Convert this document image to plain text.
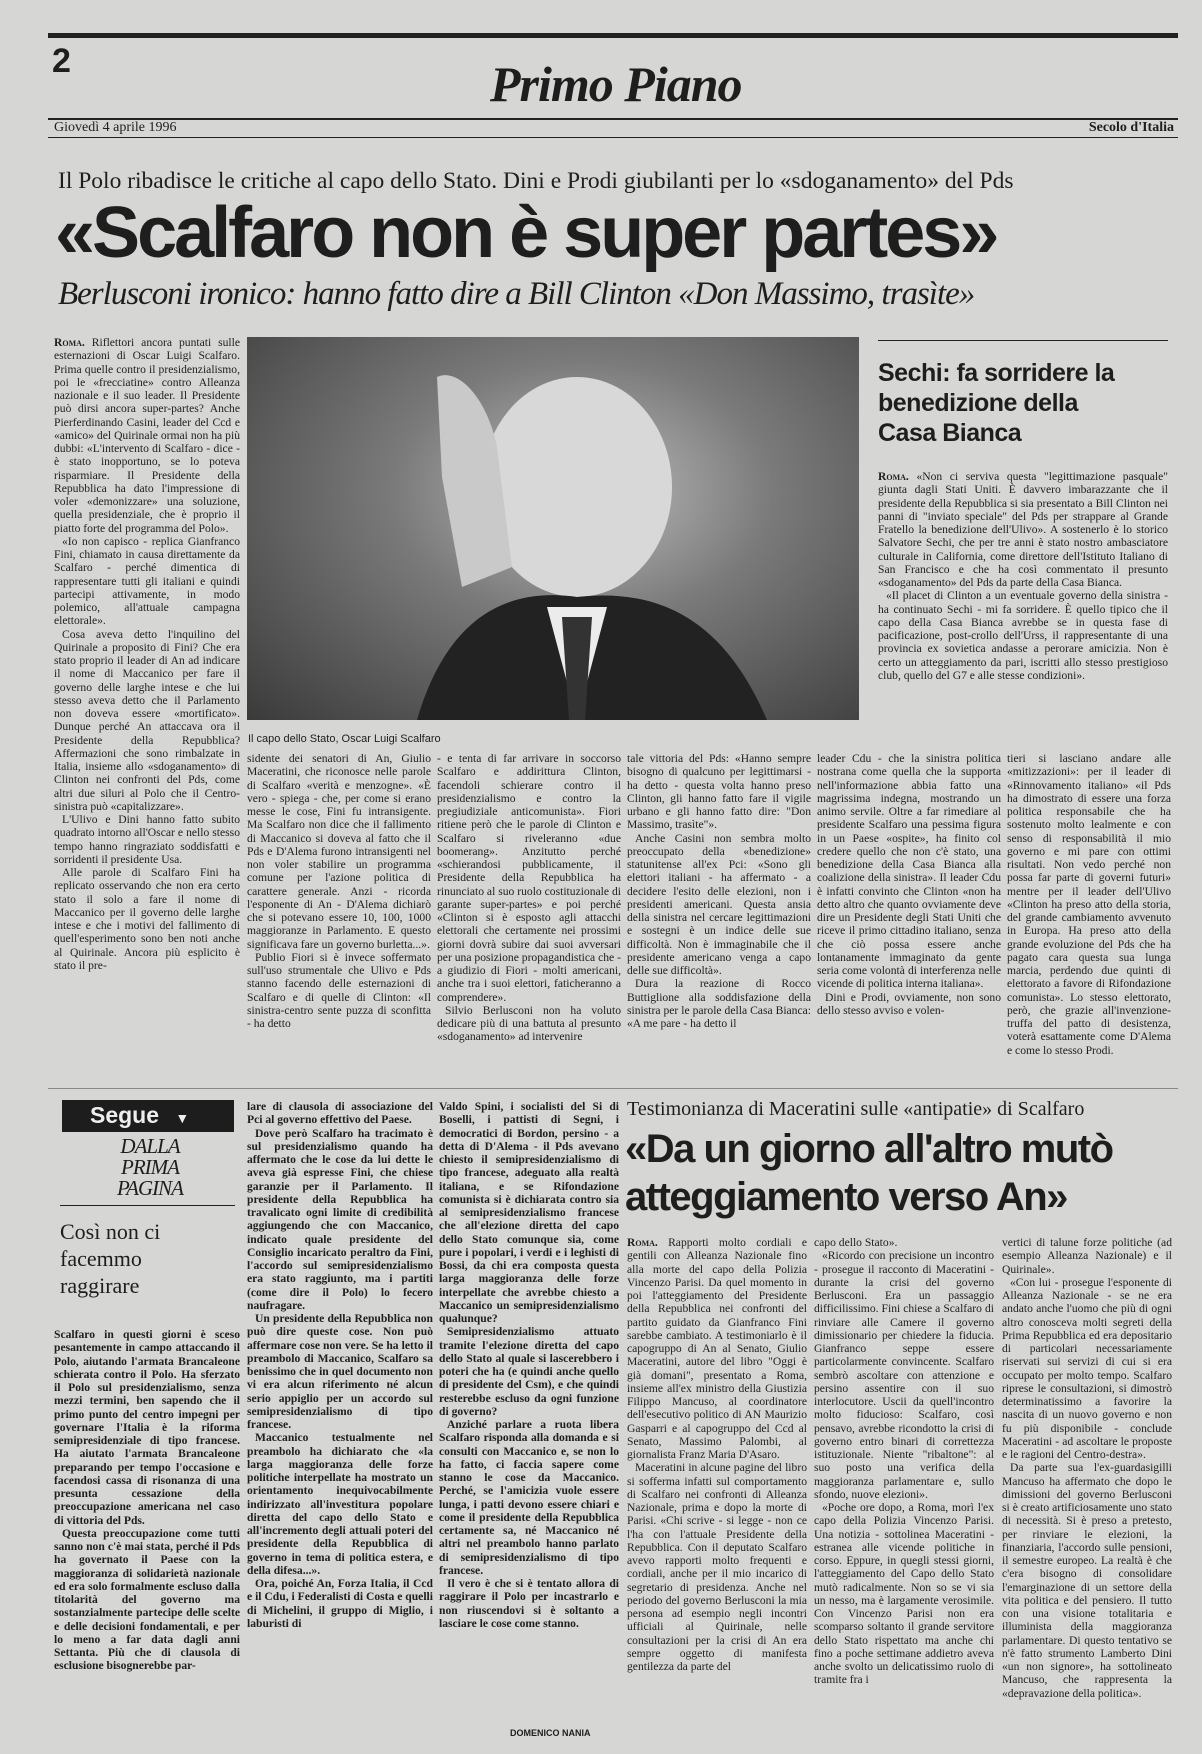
2	Primo Piano
Giovedì 4 aprile 1996	Secolo d'Italia
Il Polo ribadisce le critiche al capo dello Stato. Dini e Prodi giubilanti per lo «sdoganamento» del Pds
«Scalfaro non è super partes»
Berlusconi ironico: hanno fatto dire a Bill Clinton «Don Massimo, trasìte»

Roma. Riflettori ancora puntati sulle esternazioni di Oscar Luigi Scalfaro. Prima quelle contro il presidenzialismo, poi le «frecciatine» contro Alleanza nazionale e il suo leader. Il Presidente può dirsi ancora super-partes? Anche Pierferdinando Casini, leader del Ccd e «amico» del Quirinale ormai non ha più dubbi: «L'intervento di Scalfaro - dice - è stato inopportuno, se lo poteva risparmiare. Il Presidente della Repubblica ha dato l'impressione di voler «demonizzare» una soluzione, quella presidenziale, che è proprio il piatto forte del programma del Polo».

«Io non capisco - replica Gianfranco Fini, chiamato in causa direttamente da Scalfaro - perché dimentica di rappresentare tutti gli italiani e quindi partecipi attivamente, in modo polemico, all'attuale campagna elettorale».

Cosa aveva detto l'inquilino del Quirinale a proposito di Fini? Che era stato proprio il leader di An ad indicare il nome di Maccanico per fare il governo delle larghe intese e che lui stesso aveva detto che il Parlamento non doveva essere «mortificato». Dunque perché An attaccava ora il Presidente della Repubblica? Affermazioni che sono rimbalzate in Italia, insieme allo «sdoganamento» di Clinton nei confronti del Pds, come altri due siluri al Polo che il Centro-sinistra può «capitalizzare».

L'Ulivo e Dini hanno fatto subito quadrato intorno all'Oscar e nello stesso tempo hanno ringraziato soddisfatti e sorridenti il presidente Usa.

Alle parole di Scalfaro Fini ha replicato osservando che non era certo stato il solo a fare il nome di Maccanico per il governo delle larghe intese e che i motivi del fallimento di quell'esperimento sono ben noti anche al Quirinale. Ancora più esplicito è stato il pre-

Il capo dello Stato, Oscar Luigi Scalfaro
Sechi: fa sorridere la benedizione della Casa Bianca

Roma. «Non ci serviva questa "legittimazione pasquale" giunta dagli Stati Uniti. È davvero imbarazzante che il presidente della Repubblica si sia presentato a Bill Clinton nei panni di "inviato speciale" del Pds per strappare al Grande Fratello la benedizione dell'Ulivo». A sostenerlo è lo storico Salvatore Sechi, che per tre anni è stato nostro ambasciatore culturale in California, come direttore dell'Istituto Italiano di San Francisco e che ha così commentato il presunto «sdoganamento» del Pds da parte della Casa Bianca.

«Il placet di Clinton a un eventuale governo della sinistra - ha continuato Sechi - mi fa sorridere. È quello tipico che il capo della Casa Bianca avrebbe se in questa fase di pacificazione, post-crollo dell'Urss, il rappresentante di una provincia ex sovietica andasse a perorare amicizia. Non è certo un atteggiamento da pari, iscritti allo stesso prestigioso club, quello del G7 e alle stesse condizioni».

sidente dei senatori di An, Giulio Maceratini, che riconosce nelle parole di Scalfaro «verità e menzogne». «È vero - spiega - che, per come si erano messe le cose, Fini fu intransigente. Ma Scalfaro non dice che il fallimento di Maccanico si doveva al fatto che il Pds e D'Alema furono intransigenti nel non voler stabilire un programma comune per l'azione politica di carattere generale. Anzi - ricorda l'esponente di An - D'Alema dichiarò che si potevano essere 10, 100, 1000 maggioranze in Parlamento. E questo significava fare un governo burletta...».

Publio Fiori si è invece soffermato sull'uso strumentale che Ulivo e Pds stanno facendo delle esternazioni di Scalfaro e di quelle di Clinton: «Il sinistra-centro sente puzza di sconfitta - ha detto

- e tenta di far arrivare in soccorso Scalfaro e addirittura Clinton, facendoli schierare contro il presidenzialismo e contro la pregiudiziale anticomunista». Fiori ritiene però che le parole di Clinton e Scalfaro si riveleranno «due boomerang». Anzitutto perché «schierandosi pubblicamente, il Presidente della Repubblica ha rinunciato al suo ruolo costituzionale di garante super-partes» e poi perché «Clinton si è esposto agli attacchi elettorali che certamente nei prossimi giorni dovrà subire dai suoi avversari per una posizione propagandistica che - a giudizio di Fiori - molti americani, anche tra i suoi elettori, faticheranno a comprendere».

Silvio Berlusconi non ha voluto dedicare più di una battuta al presunto «sdoganamento» ad intervenire

tale vittoria del Pds: «Hanno sempre bisogno di qualcuno per legittimarsi - ha detto - questa volta hanno preso Clinton, gli hanno fatto fare il vigile urbano e gli hanno fatto dire: "Don Massimo, trasìte"».

Anche Casini non sembra molto preoccupato della «benedizione» statunitense all'ex Pci: «Sono gli elettori italiani - ha affermato - a decidere l'esito delle elezioni, non i presidenti americani. Questa ansia della sinistra nel cercare legittimazioni e sostegni è un indice delle sue difficoltà. Non è immaginabile che il presidente americano venga a capo delle sue difficoltà».

Dura la reazione di Rocco Buttiglione alla soddisfazione della sinistra per le parole della Casa Bianca: «A me pare - ha detto il

leader Cdu - che la sinistra politica nostrana come quella che la supporta nell'informazione abbia fatto una magrissima indegna, mostrando un animo servile. Oltre a far rimediare al presidente Scalfaro una pessima figura in un Paese «ospite», ha finito col credere quello che non c'è stato, una benedizione della Casa Bianca alla coalizione della sinistra». Il leader Cdu è infatti convinto che Clinton «non ha detto altro che quanto ovviamente deve dire un Presidente degli Stati Uniti che riceve il primo cittadino italiano, senza che ciò possa essere anche lontanamente immaginato da gente seria come volontà di interferenza nelle vicende di politica interna italiana».

Dini e Prodi, ovviamente, non sono dello stesso avviso e volen-

tieri si lasciano andare alle «mitizzazioni»: per il leader di «Rinnovamento italiano» «il Pds ha dimostrato di essere una forza politica responsabile che ha sostenuto molto lealmente e con senso di responsabilità il mio governo e mi pare con ottimi risultati. Non vedo perché non possa far parte di governi futuri» mentre per il leader dell'Ulivo «Clinton ha preso atto della storia, del grande cambiamento avvenuto in Europa. Ha preso atto della grande evoluzione del Pds che ha pagato cara questa sua lunga marcia, perdendo due quinti di elettorato a favore di Rifondazione comunista». Lo stesso elettorato, però, che grazie all'invenzione-truffa del patto di desistenza, voterà esattamente come D'Alema e come lo stesso Prodi.

Segue ▼
DALLA PRIMA PAGINA
Così non ci facemmo raggirare

Scalfaro in questi giorni è sceso pesantemente in campo attaccando il Polo, aiutando l'armata Brancaleone schierata contro il Polo. Ha sferzato il Polo sul presidenzialismo, senza mezzi termini, ben sapendo che il primo punto del centro impegni per governare l'Italia è la riforma semipresidenziale di tipo francese. Ha aiutato l'armata Brancaleone preparando per tempo l'occasione e facendosi cassa di risonanza di una presunta cessazione della preoccupazione americana nel caso di vittoria del Pds.

Questa preoccupazione come tutti sanno non c'è mai stata, perché il Pds ha governato il Paese con la maggioranza di solidarietà nazionale ed era solo formalmente escluso dalla titolarità del governo ma sostanzialmente partecipe delle scelte e delle decisioni fondamentali, e per lo meno a far data dagli anni Settanta. Più che di clausola di esclusione bisognerebbe par-

lare di clausola di associazione del Pci al governo effettivo del Paese.

Dove però Scalfaro ha tracimato è sul presidenzialismo quando ha affermato che le cose da lui dette le aveva già espresse Fini, che chiese garanzie per il Parlamento. Il presidente della Repubblica ha travalicato ogni limite di credibilità aggiungendo che con Maccanico, indicato quale presidente del Consiglio incaricato peraltro da Fini, l'accordo sul semipresidenzialismo era stato raggiunto, ma i partiti (come dire il Polo) lo fecero naufragare.

Un presidente della Repubblica non può dire queste cose. Non può affermare cose non vere. Se ha letto il preambolo di Maccanico, Scalfaro sa benissimo che in quel documento non vi era alcun riferimento né alcun serio appiglio per un accordo sul semipresidenzialismo di tipo francese.

Maccanico testualmente nel preambolo ha dichiarato che «la larga maggioranza delle forze politiche interpellate ha mostrato un orientamento inequivocabilmente indirizzato all'investitura popolare diretta del capo dello Stato e all'incremento degli attuali poteri del presidente della Repubblica di governo in tema di politica estera, e della difesa...».

Ora, poiché An, Forza Italia, il Ccd e il Cdu, i Federalisti di Costa e quelli di Michelini, il gruppo di Miglio, i laburisti di

Valdo Spini, i socialisti del Si di Boselli, i pattisti di Segni, i democratici di Bordon, persino - a detta di D'Alema - il Pds avevano chiesto il semipresidenzialismo di tipo francese, adeguato alla realtà italiana, e se Rifondazione comunista si è dichiarata contro sia al semipresidenzialismo francese che all'elezione diretta del capo dello Stato comunque sia, come pure i popolari, i verdi e i leghisti di Bossi, da chi era composta questa larga maggioranza delle forze interpellate che avrebbe chiesto a Maccanico un semipresidenzialismo qualunque?

Semipresidenzialismo attuato tramite l'elezione diretta del capo dello Stato al quale si lascerebbero i poteri che ha (e quindi anche quello di presidente del Csm), e che quindi resterebbe escluso da ogni funzione di governo?

Anziché parlare a ruota libera Scalfaro risponda alla domanda e si consulti con Maccanico e, se non lo ha fatto, ci faccia sapere come stanno le cose da Maccanico. Perché, se l'amicizia vuole essere lunga, i patti devono essere chiari e come il presidente della Repubblica certamente sa, né Maccanico né altri nel preambolo hanno parlato di semipresidenzialismo di tipo francese.

Il vero è che si è tentato allora di raggirare il Polo per incastrarlo e non riuscendovi si è soltanto a lasciare le cose come stanno.

DOMENICO NANIA
Testimonianza di Maceratini sulle «antipatie» di Scalfaro
«Da un giorno all'altro mutò atteggiamento verso An»

Roma. Rapporti molto cordiali e gentili con Alleanza Nazionale fino alla morte del capo della Polizia Vincenzo Parisi. Da quel momento in poi l'atteggiamento del Presidente della Repubblica nei confronti del partito guidato da Gianfranco Fini sarebbe cambiato. A testimoniarlo è il capogruppo di An al Senato, Giulio Maceratini, autore del libro "Oggi è già domani", presentato a Roma, insieme all'ex ministro della Giustizia Filippo Mancuso, al coordinatore dell'esecutivo politico di AN Maurizio Gasparri e al capogruppo del Ccd al Senato, Massimo Palombi, al giornalista Franz Maria D'Asaro.

Maceratini in alcune pagine del libro si sofferma infatti sul comportamento di Scalfaro nei confronti di Alleanza Nazionale, prima e dopo la morte di Parisi. «Chi scrive - si legge - non ce l'ha con l'attuale Presidente della Repubblica. Con il deputato Scalfaro avevo rapporti molto frequenti e cordiali, anche per il mio incarico di segretario di presidenza. Anche nel periodo del governo Berlusconi la mia persona ad esempio negli incontri ufficiali al Quirinale, nelle consultazioni per la crisi di An era sempre oggetto di manifesta gentilezza da parte del

capo dello Stato».

«Ricordo con precisione un incontro - prosegue il racconto di Maceratini - durante la crisi del governo Berlusconi. Era un passaggio difficilissimo. Fini chiese a Scalfaro di rinviare alle Camere il governo dimissionario per chiedere la fiducia. Gianfranco seppe essere particolarmente convincente. Scalfaro sembrò ascoltare con attenzione e persino assentire con il suo interlocutore. Uscii da quell'incontro molto fiducioso: Scalfaro, così pensavo, avrebbe ricondotto la crisi di governo entro binari di correttezza istituzionale. Niente "ribaltone": al suo posto una verifica della maggioranza parlamentare e, sullo sfondo, nuove elezioni».

«Poche ore dopo, a Roma, morì l'ex capo della Polizia Vincenzo Parisi. Una notizia - sottolinea Maceratini - estranea alle vicende politiche in corso. Eppure, in quegli stessi giorni, l'atteggiamento del Capo dello Stato mutò radicalmente. Non so se vi sia un nesso, ma è largamente verosimile. Con Vincenzo Parisi non era scomparso soltanto il grande servitore dello Stato rispettato ma anche chi fino a poche settimane addietro aveva anche svolto un delicatissimo ruolo di tramite fra i

vertici di talune forze politiche (ad esempio Alleanza Nazionale) e il Quirinale».

«Con lui - prosegue l'esponente di Alleanza Nazionale - se ne era andato anche l'uomo che più di ogni altro conosceva molti segreti della Prima Repubblica ed era depositario di particolari necessariamente riservati sui servizi di cui si era occupato per molto tempo. Scalfaro riprese le consultazioni, si dimostrò determinatissimo a favorire la nascita di un nuovo governo e non fu più disponibile - conclude Maceratini - ad ascoltare le proposte e le ragioni del Centro-destra».

Da parte sua l'ex-guardasigilli Mancuso ha affermato che dopo le dimissioni del governo Berlusconi si è creato artificiosamente uno stato di necessità. Si è preso a pretesto, per rinviare le elezioni, la finanziaria, l'accordo sulle pensioni, il semestre europeo. La realtà è che c'era bisogno di consolidare l'emarginazione di un settore della vita politica e del pensiero. Il tutto con una visione totalitaria e illuminista della maggioranza parlamentare. Di questo tentativo se n'è fatto strumento Lamberto Dini «un non signore», ha sottolineato Mancuso, che rappresenta la «depravazione della politica».
